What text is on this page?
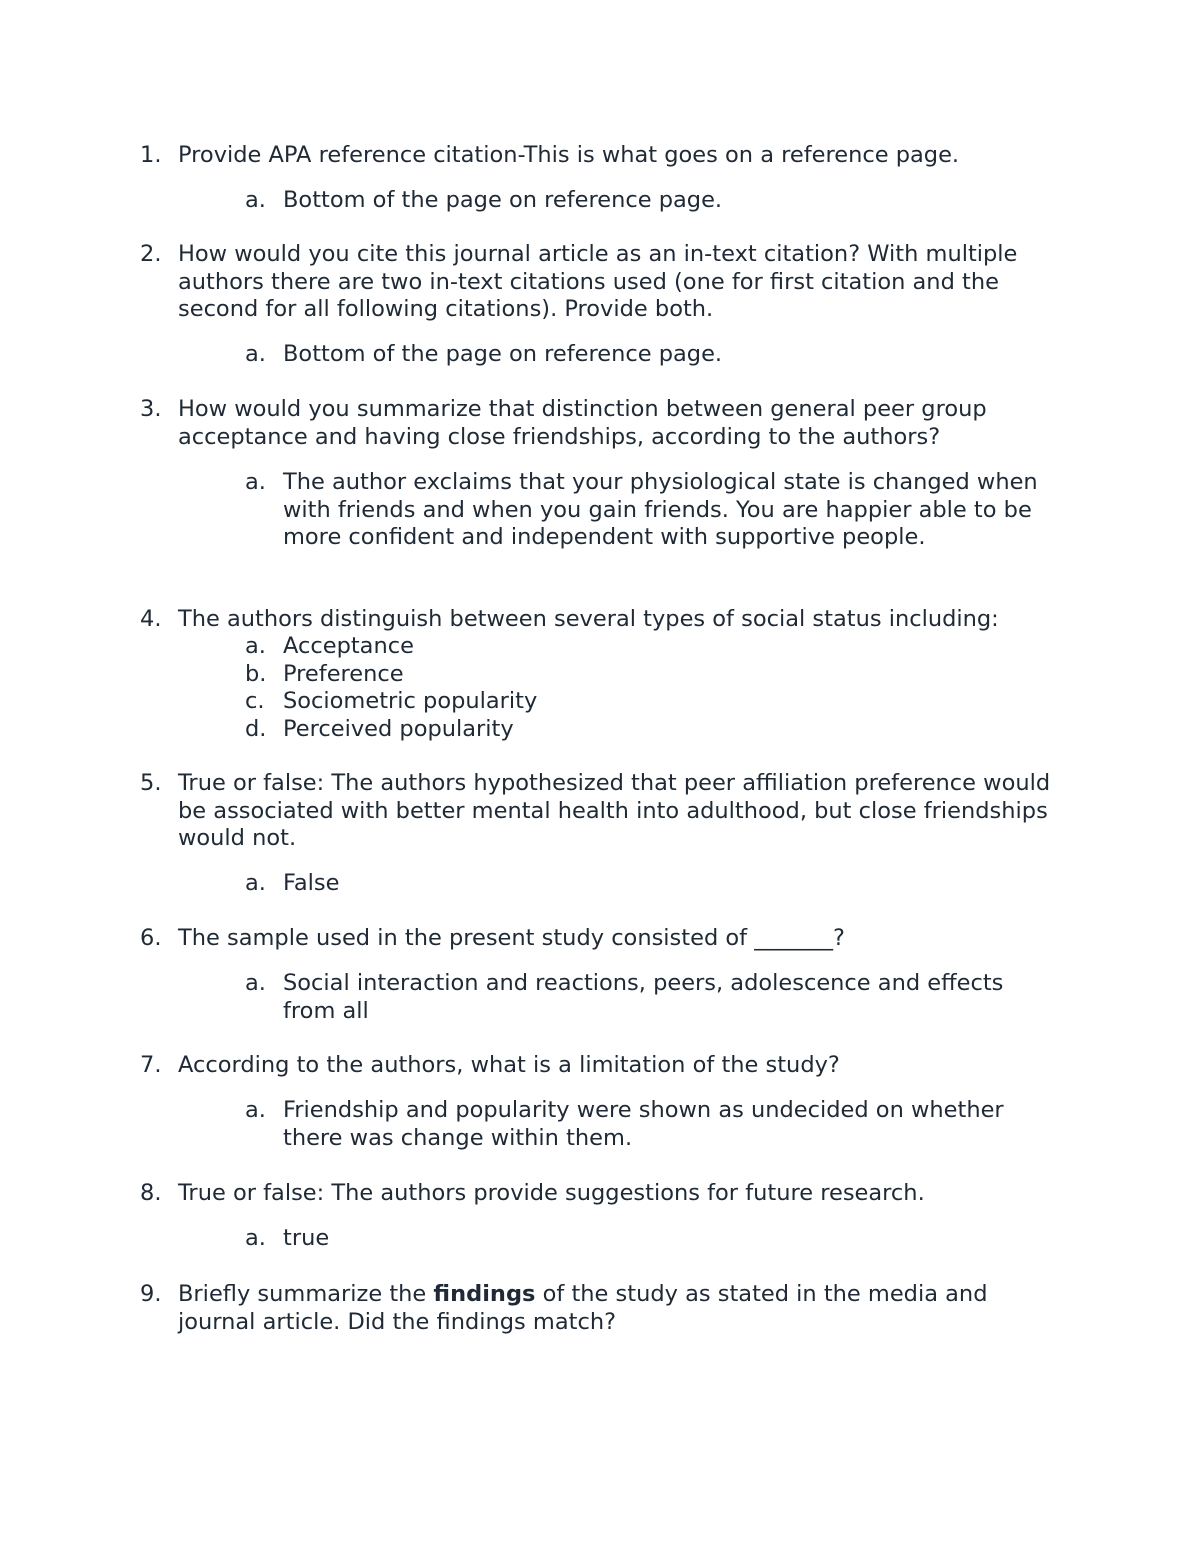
1. Provide APA reference citation-This is what goes on a reference page.
a. Bottom of the page on reference page.
2. How would you cite this journal article as an in-text citation? With multiple authors there are two in-text citations used (one for first citation and the second for all following citations). Provide both.
a. Bottom of the page on reference page.
3. How would you summarize that distinction between general peer group acceptance and having close friendships, according to the authors?
a. The author exclaims that your physiological state is changed when with friends and when you gain friends. You are happier able to be more confident and independent with supportive people.
4. The authors distinguish between several types of social status including:
a. Acceptance
b. Preference
c. Sociometric popularity
d. Perceived popularity
5. True or false: The authors hypothesized that peer affiliation preference would be associated with better mental health into adulthood, but close friendships would not.
a. False
6. The sample used in the present study consisted of _______?
a. Social interaction and reactions, peers, adolescence and effects from all
7. According to the authors, what is a limitation of the study?
a. Friendship and popularity were shown as undecided on whether there was change within them.
8. True or false: The authors provide suggestions for future research.
a. true
9. Briefly summarize the findings of the study as stated in the media and journal article. Did the findings match?
